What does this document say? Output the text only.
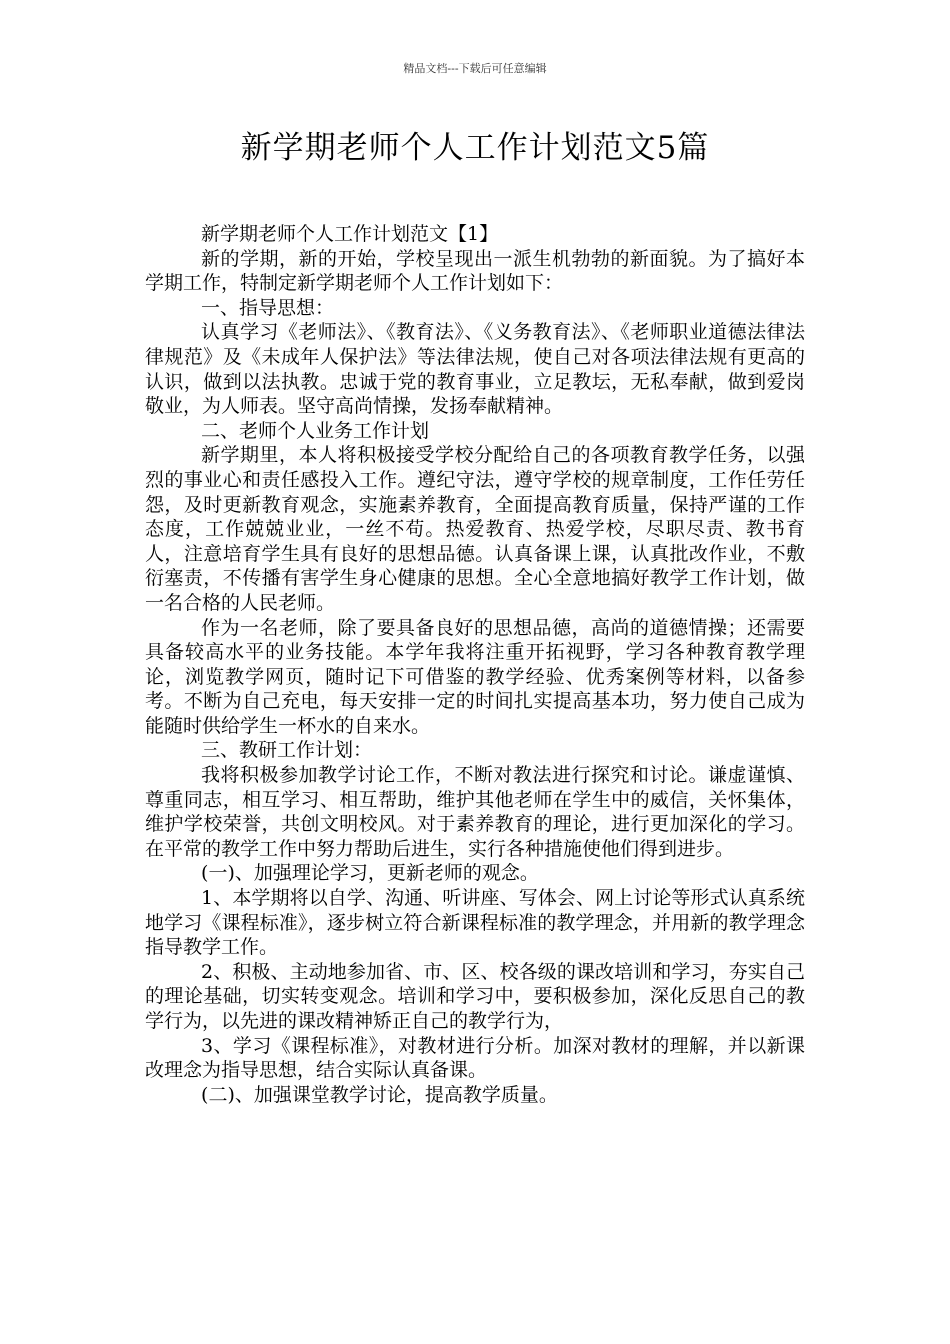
精品文档---下载后可任意编辑
新学期老师个人工作计划范文5篇

新学期老师个人工作计划范文【1】

新的学期，新的开始，学校呈现出一派生机勃勃的新面貌。为了搞好本学期工作，特制定新学期老师个人工作计划如下：

一、指导思想：

认真学习《老师法》、《教育法》、《义务教育法》、《老师职业道德法律法律规范》及《未成年人保护法》等法律法规，使自己对各项法律法规有更高的认识，做到以法执教。忠诚于党的教育事业，立足教坛，无私奉献，做到爱岗敬业，为人师表。坚守高尚情操，发扬奉献精神。

二、老师个人业务工作计划

新学期里，本人将积极接受学校分配给自己的各项教育教学任务，以强烈的事业心和责任感投入工作。遵纪守法，遵守学校的规章制度，工作任劳任怨，及时更新教育观念，实施素养教育，全面提高教育质量，保持严谨的工作态度，工作兢兢业业，一丝不苟。热爱教育、热爱学校，尽职尽责、教书育人，注意培育学生具有良好的思想品德。认真备课上课，认真批改作业，不敷衍塞责，不传播有害学生身心健康的思想。全心全意地搞好教学工作计划，做一名合格的人民老师。

作为一名老师，除了要具备良好的思想品德，高尚的道德情操；还需要具备较高水平的业务技能。本学年我将注重开拓视野，学习各种教育教学理论，浏览教学网页，随时记下可借鉴的教学经验、优秀案例等材料，以备参考。不断为自己充电，每天安排一定的时间扎实提高基本功，努力使自己成为能随时供给学生一杯水的自来水。

三、教研工作计划：

我将积极参加教学讨论工作，不断对教法进行探究和讨论。谦虚谨慎、尊重同志，相互学习、相互帮助，维护其他老师在学生中的威信，关怀集体，维护学校荣誉，共创文明校风。对于素养教育的理论，进行更加深化的学习。在平常的教学工作中努力帮助后进生，实行各种措施使他们得到进步。

(一)、加强理论学习，更新老师的观念。

1、本学期将以自学、沟通、听讲座、写体会、网上讨论等形式认真系统地学习《课程标准》，逐步树立符合新课程标准的教学理念，并用新的教学理念指导教学工作。

2、积极、主动地参加省、市、区、校各级的课改培训和学习，夯实自己的理论基础，切实转变观念。培训和学习中，要积极参加，深化反思自己的教学行为，以先进的课改精神矫正自己的教学行为，

3、学习《课程标准》，对教材进行分析。加深对教材的理解，并以新课改理念为指导思想，结合实际认真备课。

(二)、加强课堂教学讨论，提高教学质量。
